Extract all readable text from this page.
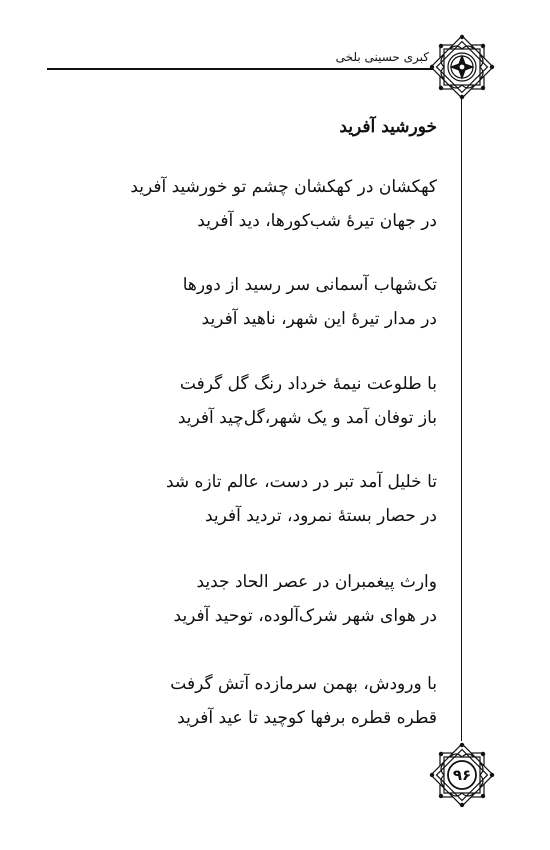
کبری حسینی بلخی
خورشید آفرید
کهکشان در کهکشان چشم تو خورشید آفرید
در جهان تیرهٔ شب‌کورها، دید آفرید
تک‌شهاب آسمانی سر رسید از دورها
در مدار تیرهٔ این شهر، ناهید آفرید
با طلوعت نیمهٔ خرداد رنگ گل گرفت
باز توفان آمد و یک شهر،گل‌چید آفرید
تا خلیل آمد تبر در دست، عالم تازه شد
در حصار بستهٔ نمرود، تردید آفرید
وارث پیغمبران در عصر الحاد جدید
در هوای شهر شرک‌آلوده، توحید آفرید
با ورودش، بهمن سرمازده آتش گرفت
قطره قطره برفها کوچید تا عید آفرید
۹۶
